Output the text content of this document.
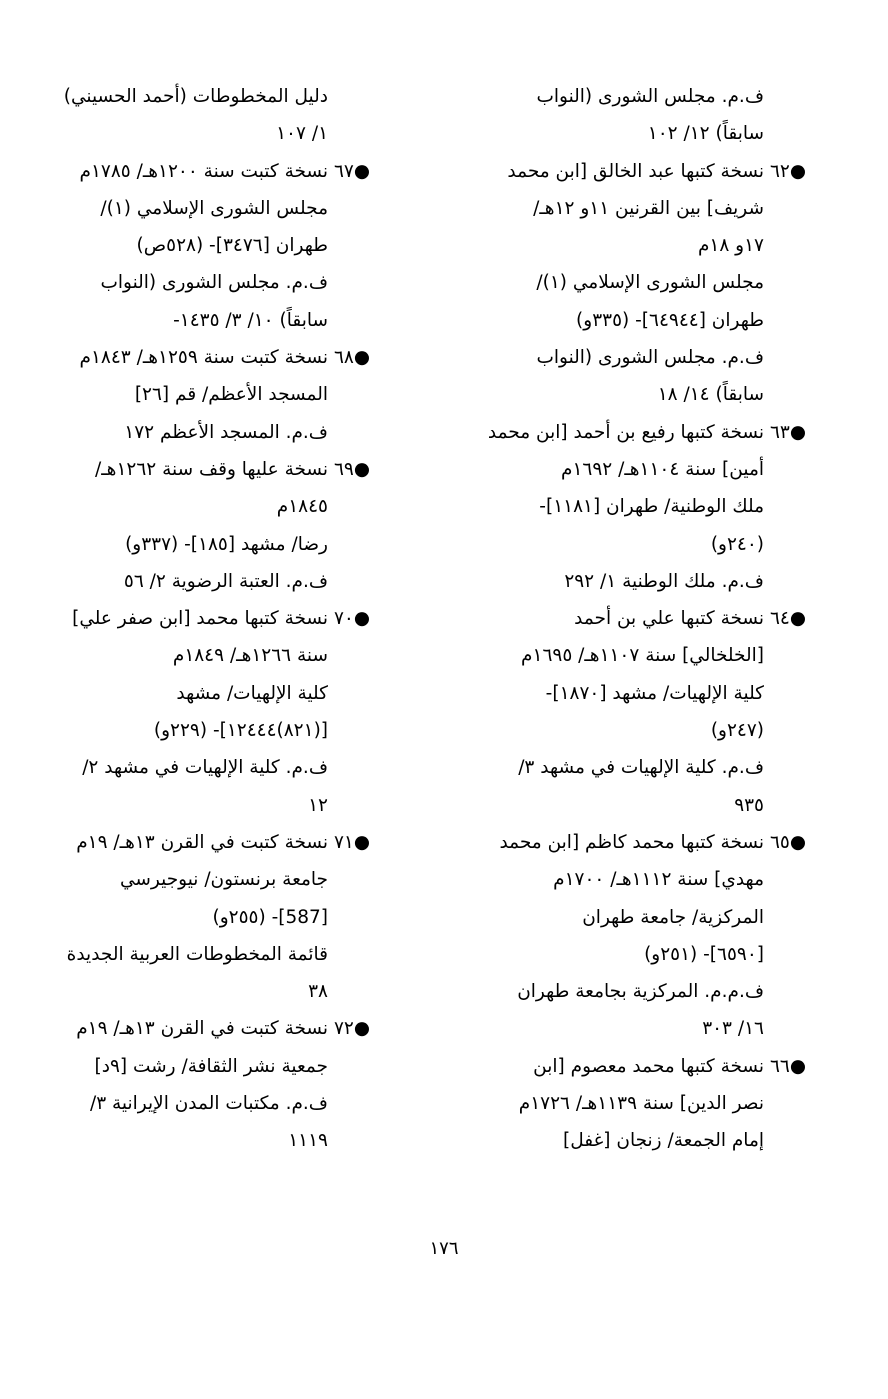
ف.م. مجلس الشورى (النواب
سابقاً) ١٢/ ١٠٢
●٦٢ نسخة كتبها عبد الخالق [ابن محمد
شريف] بين القرنين ١١و ١٢هـ/
١٧و ١٨م
مجلس الشورى الإسلامي (١)/
طهران [٦٤٩٤٤]- (٣٣٥و)
ف.م. مجلس الشورى (النواب
سابقاً) ١٤/ ١٨
●٦٣ نسخة كتبها رفيع بن أحمد [ابن محمد
أمين] سنة ١١٠٤هـ/ ١٦٩٢م
ملك الوطنية/ طهران [١١٨١]-
(٢٤٠و)
ف.م. ملك الوطنية ١/ ٢٩٢
●٦٤ نسخة كتبها علي بن أحمد
[الخلخالي] سنة ١١٠٧هـ/ ١٦٩٥م
كلية الإلهيات/ مشهد [١٨٧٠]-
(٢٤٧و)
ف.م. كلية الإلهيات في مشهد ٣/
٩٣٥
●٦٥ نسخة كتبها محمد كاظم [ابن محمد
مهدي] سنة ١١١٢هـ/ ١٧٠٠م
المركزية/ جامعة طهران
[٦٥٩٠]- (٢٥١و)
ف.م.م. المركزية بجامعة طهران
١٦/ ٣٠٣
●٦٦ نسخة كتبها محمد معصوم [ابن
نصر الدين] سنة ١١٣٩هـ/ ١٧٢٦م
إمام الجمعة/ زنجان [غفل]
دليل المخطوطات (أحمد الحسيني)
١/ ١٠٧
●٦٧ نسخة كتبت سنة ١٢٠٠هـ/ ١٧٨٥م
مجلس الشورى الإسلامي (١)/
طهران [٣٤٧٦]- (٥٢٨ص)
ف.م. مجلس الشورى (النواب
سابقاً) ١٠/ ٣/ ١٤٣٥-
●٦٨ نسخة كتبت سنة ١٢٥٩هـ/ ١٨٤٣م
المسجد الأعظم/ قم [٢٦]
ف.م. المسجد الأعظم ١٧٢
●٦٩ نسخة عليها وقف سنة ١٢٦٢هـ/
١٨٤٥م
رضا/ مشهد [١٨٥]- (٣٣٧و)
ف.م. العتبة الرضوية ٢/ ٥٦
●٧٠ نسخة كتبها محمد [ابن صفر علي]
سنة ١٢٦٦هـ/ ١٨٤٩م
كلية الإلهيات/ مشهد
[(٨٢١)١٢٤٤٤]- (٢٢٩و)
ف.م. كلية الإلهيات في مشهد ٢/
١٢
●٧١ نسخة كتبت في القرن ١٣هـ/ ١٩م
جامعة برنستون/ نيوجيرسي
[587]- (٢٥٥و)
قائمة المخطوطات العربية الجديدة
٣٨
●٧٢ نسخة كتبت في القرن ١٣هـ/ ١٩م
جمعية نشر الثقافة/ رشت [٩د]
ف.م. مكتبات المدن الإيرانية ٣/
١١١٩
١٧٦
